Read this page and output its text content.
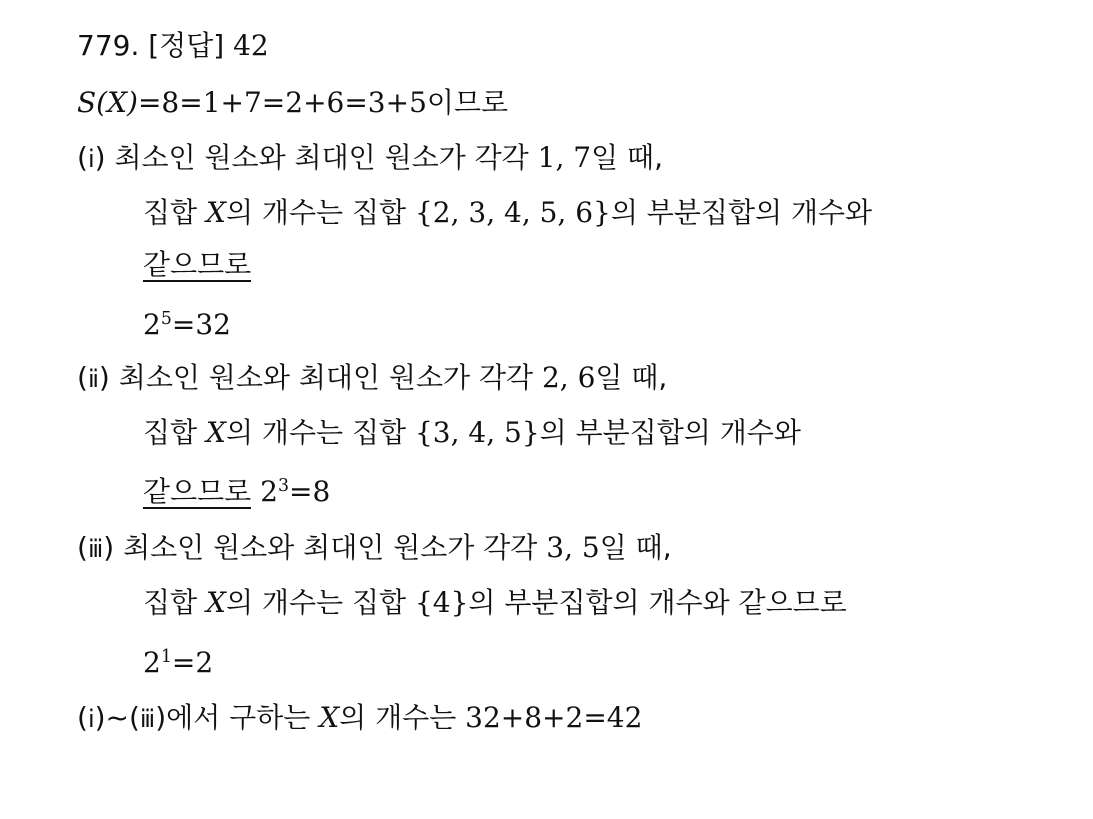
779. [정답] 42
S(X)=8=1+7=2+6=3+5이므로
(ⅰ) 최소인 원소와 최대인 원소가 각각 1, 7일 때,
집합 X의 개수는 집합 {2, 3, 4, 5, 6}의 부분집합의 개수와
같으므로
$2^5=32$
(ⅱ) 최소인 원소와 최대인 원소가 각각 2, 6일 때,
집합 X의 개수는 집합 {3, 4, 5}의 부분집합의 개수와
같으므로 $2^3=8$
(ⅲ) 최소인 원소와 최대인 원소가 각각 3, 5일 때,
집합 X의 개수는 집합 {4}의 부분집합의 개수와 같으므로
$2^1=2$
(ⅰ)~(ⅲ)에서 구하는 X의 개수는 32+8+2=42
